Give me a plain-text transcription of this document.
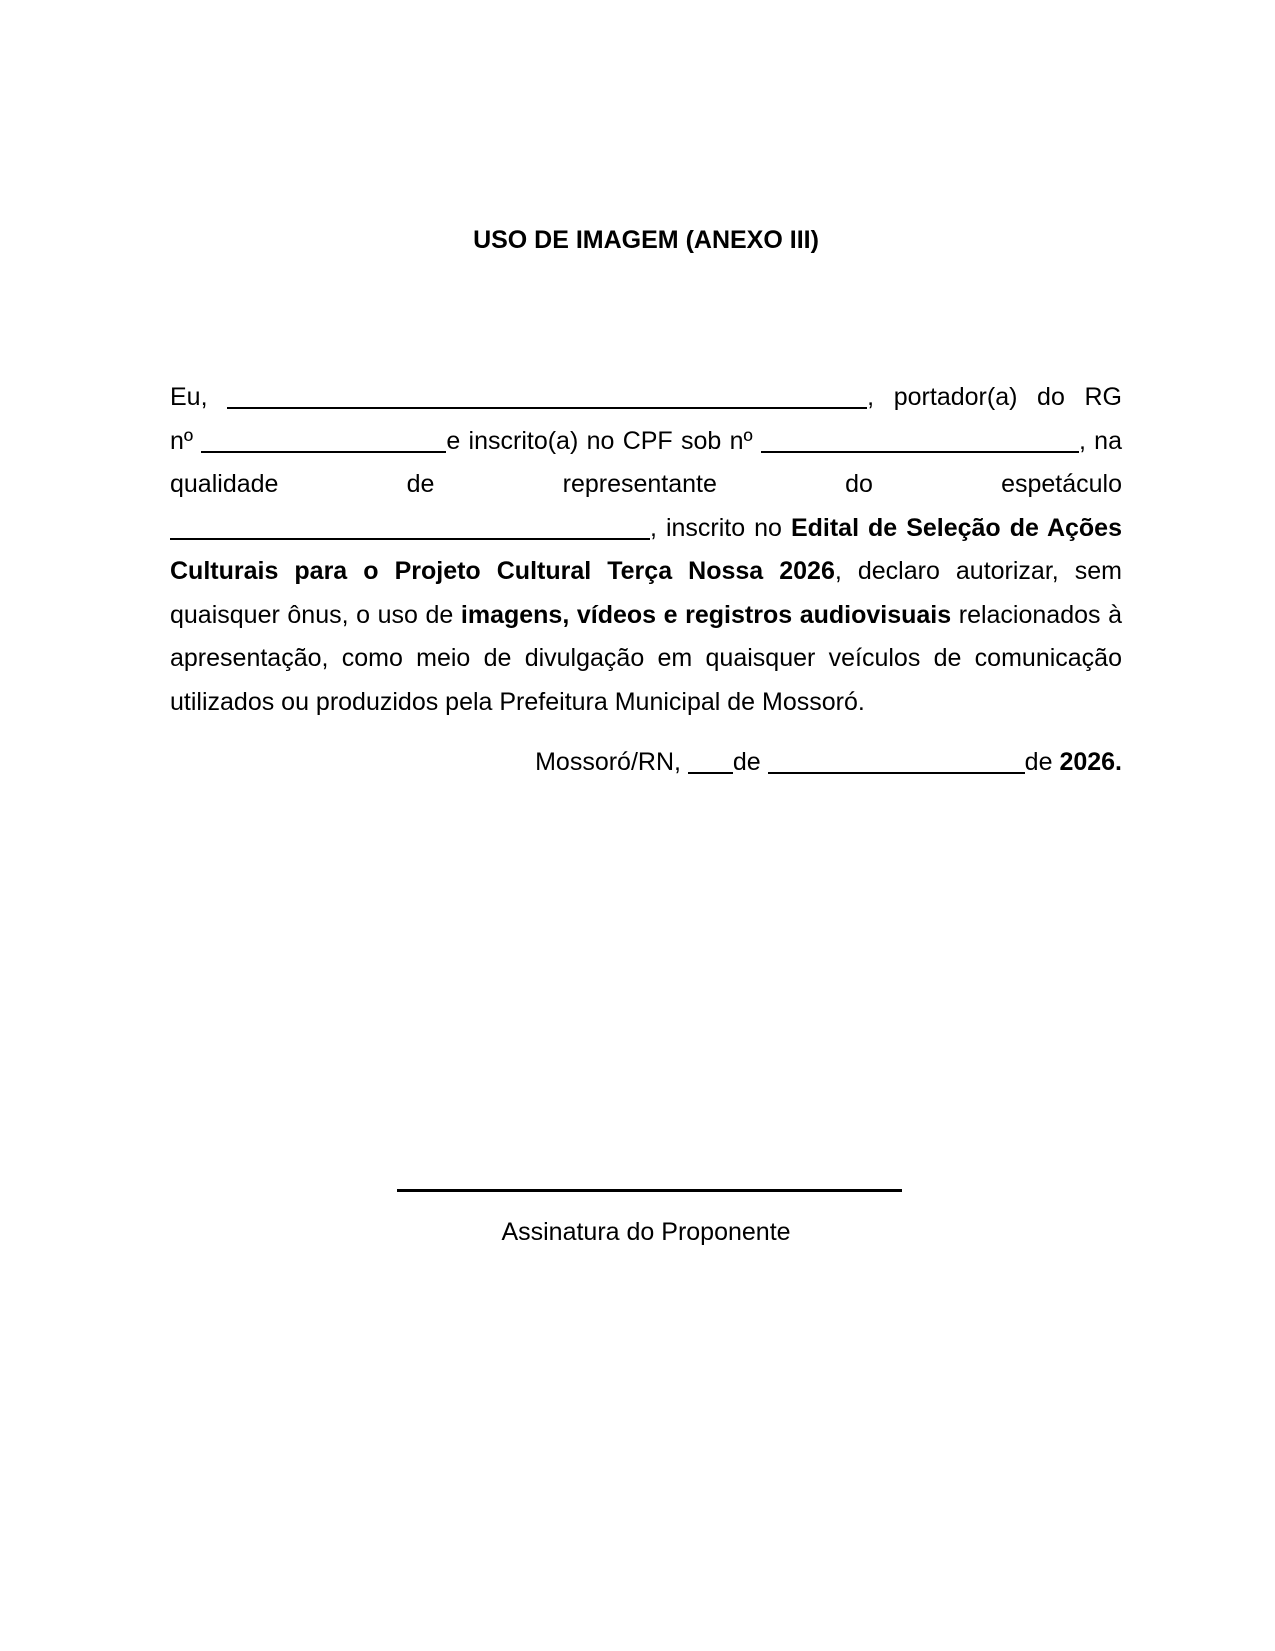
USO DE IMAGEM (ANEXO III)
Eu,	, portador(a) do RG
nº	e inscrito(a) no CPF sob nº	, na
qualidade de representante do espetáculo
, inscrito no Edital de Seleção de Ações
Culturais para o Projeto Cultural Terça Nossa 2026, declaro autorizar, sem
quaisquer ônus, o uso de imagens, vídeos e registros audiovisuais relacionados à
apresentação, como meio de divulgação em quaisquer veículos de comunicação
utilizados ou produzidos pela Prefeitura Municipal de Mossoró.
Mossoró/RN, de	de 2026.
Assinatura do Proponente
